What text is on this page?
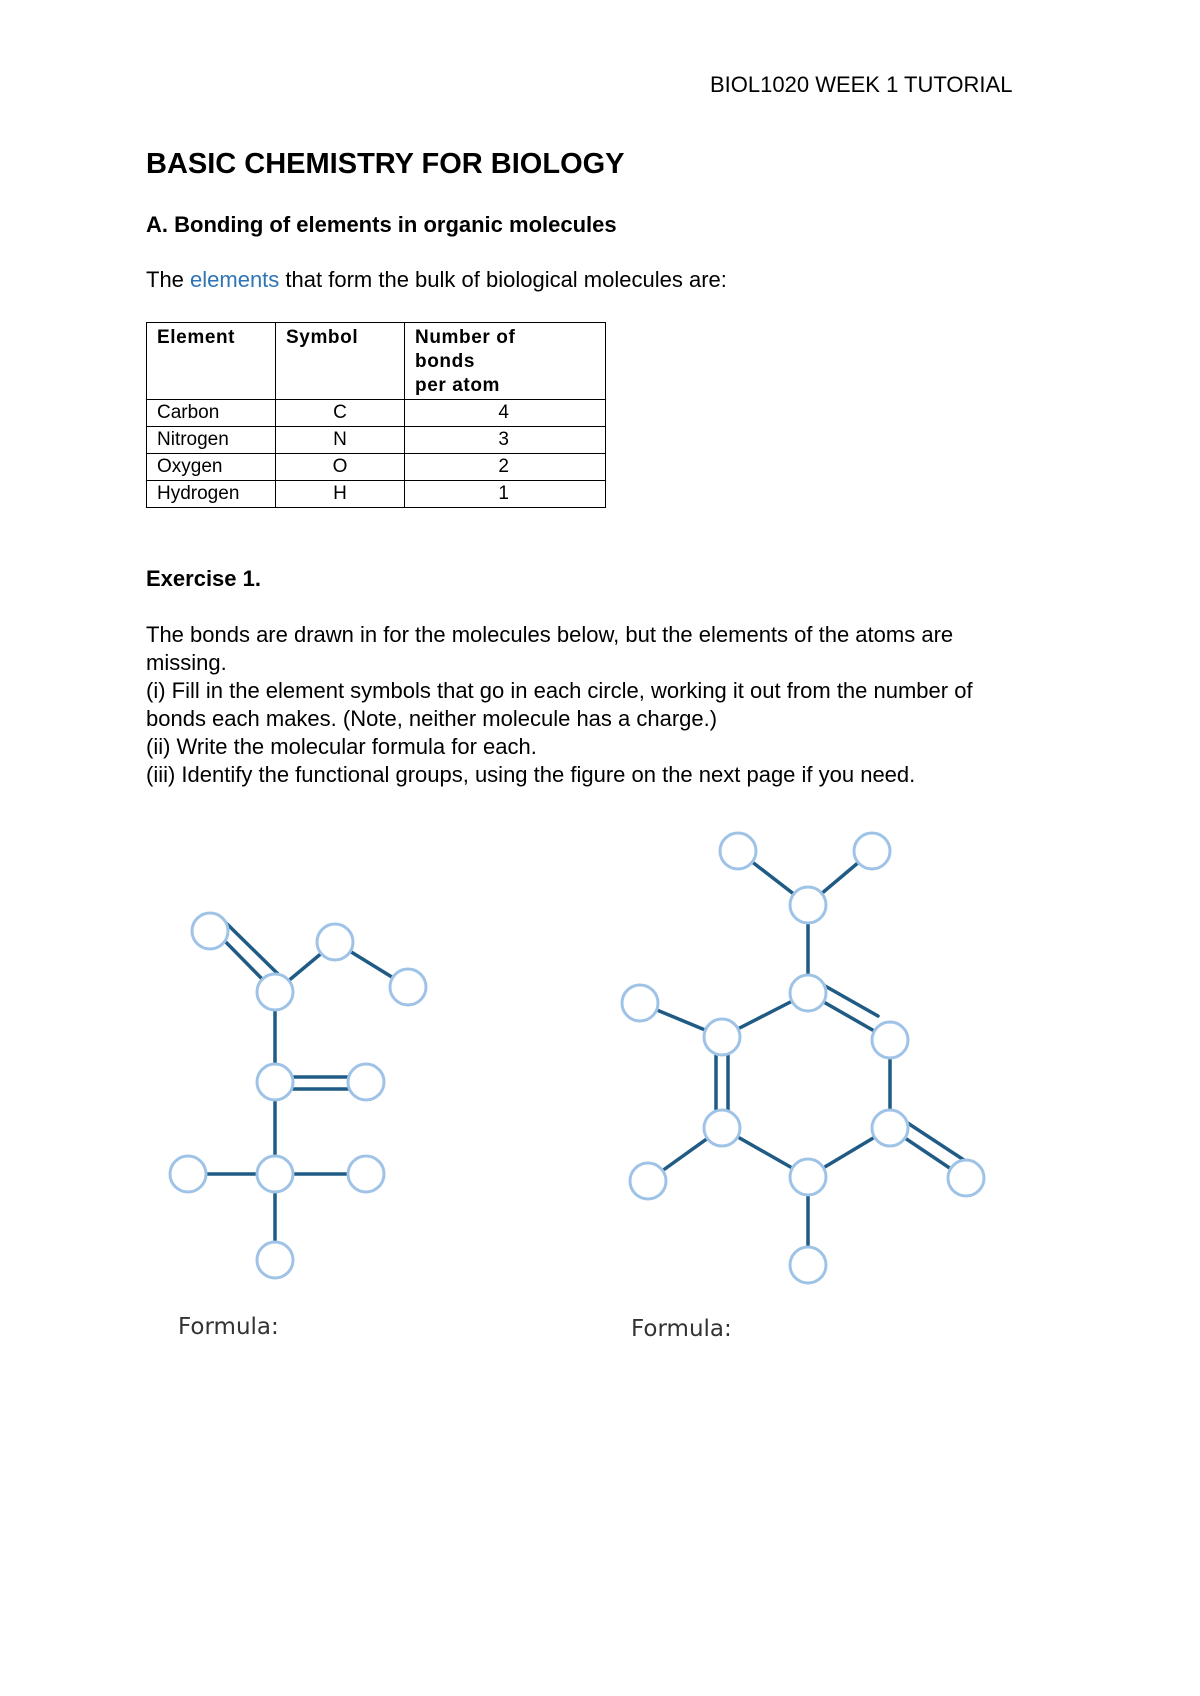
BIOL1020 WEEK 1 TUTORIAL
BASIC CHEMISTRY FOR BIOLOGY
A. Bonding of elements in organic molecules

The elements that form the bulk of biological molecules are:

Element	Symbol	Number of
bonds
per atom
Carbon	C	4
Nitrogen	N	3
Oxygen	O	2
Hydrogen	H	1
Exercise 1.
The bonds are drawn in for the molecules below, but the elements of the atoms are
missing.
(i) Fill in the element symbols that go in each circle, working it out from the number of
bonds each makes. (Note, neither molecule has a charge.)
(ii) Write the molecular formula for each.
(iii) Identify the functional groups, using the figure on the next page if you need.
Formula:	Formula:
